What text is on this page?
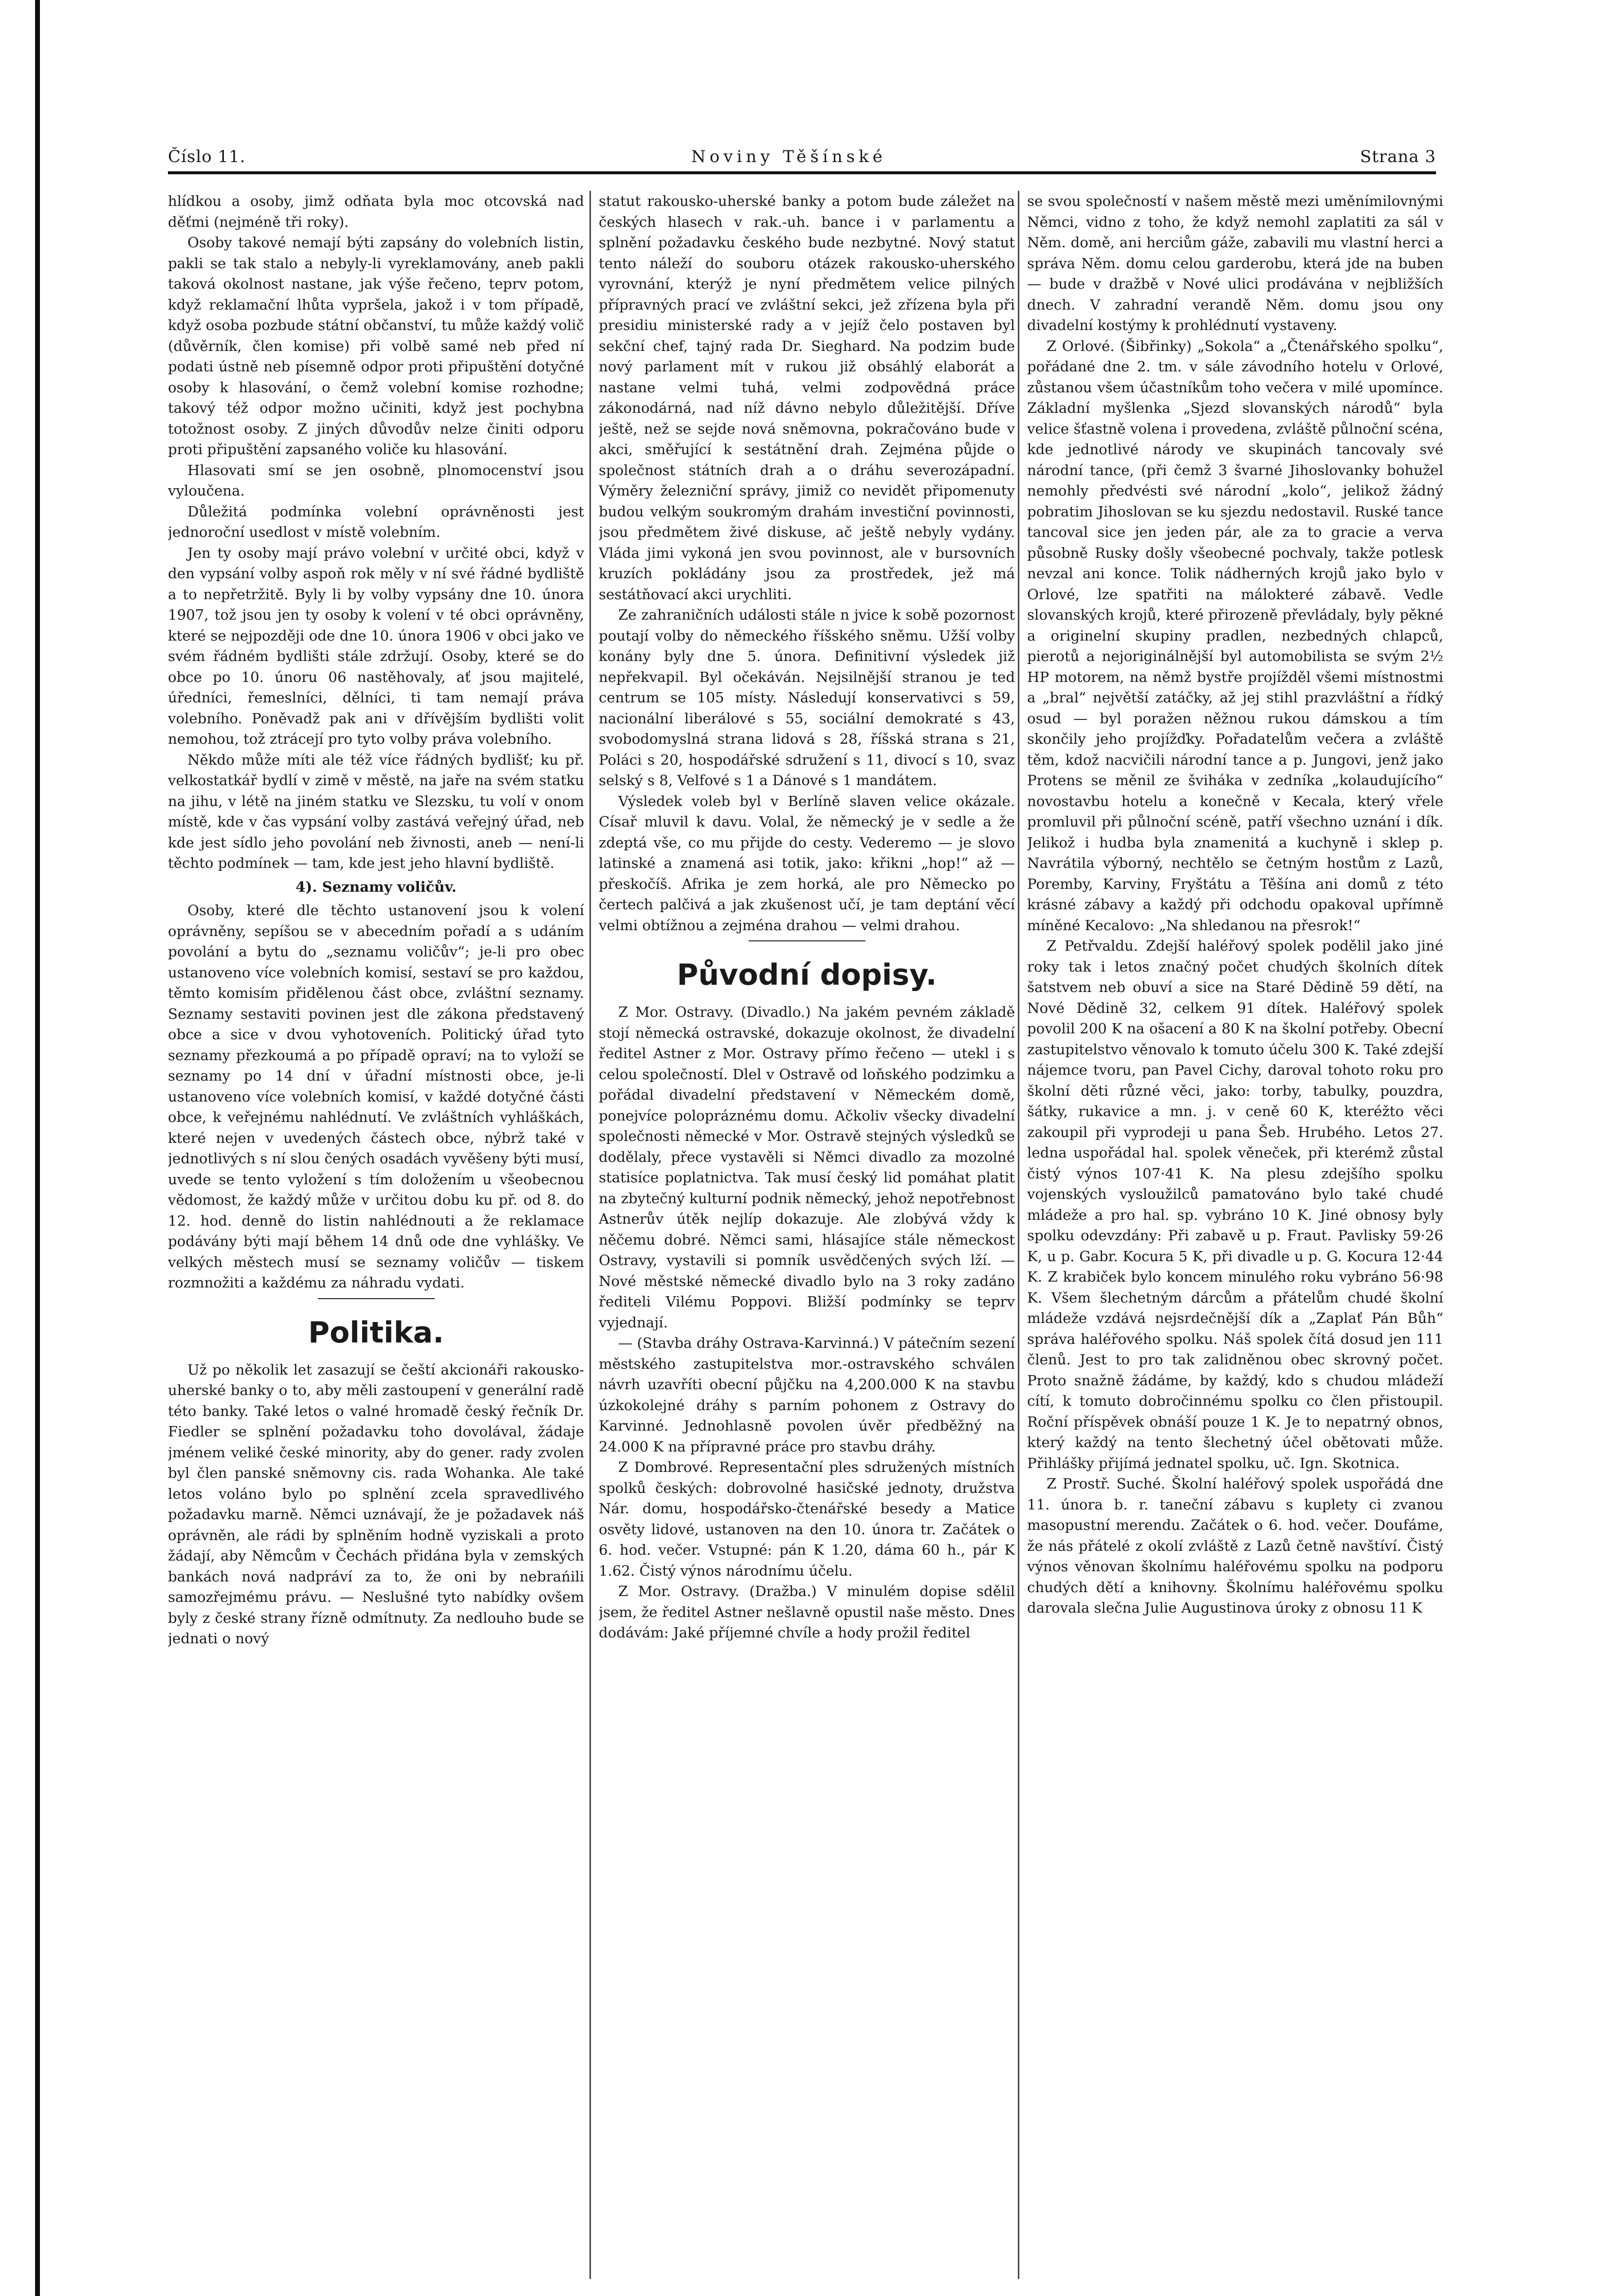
Číslo 11.	Noviny Těšínské	Strana 3

hlídkou a osoby, jimž odňata byla moc otcovská nad děťmi (nejméně tři roky).

Osoby takové nemají býti zapsány do volebních listin, pakli se tak stalo a nebyly-li vyreklamovány, aneb pakli taková okolnost nastane, jak výše řečeno, teprv potom, když reklamační lhůta vypršela, jakož i v tom případě, když osoba pozbude státní občanství, tu může každý volič (důvěrník, člen komise) při volbě samé neb před ní podati ústně neb písemně odpor proti připuštění dotyčné osoby k hlasování, o čemž volební komise rozhodne; takový též odpor možno učiniti, když jest pochybna totožnost osoby. Z jiných důvodův nelze činiti odporu proti připuštění zapsaného voliče ku hlasování.

Hlasovati smí se jen osobně, plnomocenství jsou vyloučena.

Důležitá podmínka volební oprávněnosti jest jednoroční usedlost v místě volebním.

Jen ty osoby mají právo volební v určité obci, když v den vypsání volby aspoň rok měly v ní své řádné bydliště a to nepřetržitě. Byly li by volby vypsány dne 10. února 1907, tož jsou jen ty osoby k volení v té obci oprávněny, které se nejpozději ode dne 10. února 1906 v obci jako ve svém řádném bydlišti stále zdržují. Osoby, které se do obce po 10. únoru 06 nastěhovaly, ať jsou majitelé, úředníci, řemeslníci, dělníci, ti tam nemají práva volebního. Poněvadž pak ani v dřívějším bydlišti volit nemohou, tož ztrácejí pro tyto volby práva volebního.

Někdo může míti ale též více řádných bydlišť; ku př. velkostatkář bydlí v zimě v městě, na jaře na svém statku na jihu, v létě na jiném statku ve Slezsku, tu volí v onom místě, kde v čas vypsání volby zastává veřejný úřad, neb kde jest sídlo jeho povolání neb živnosti, aneb — není-li těchto podmínek — tam, kde jest jeho hlavní bydliště.

4). Seznamy voličův.

Osoby, které dle těchto ustanovení jsou k volení oprávněny, sepíšou se v abecedním pořadí a s udáním povolání a bytu do „seznamu voličův“; je-li pro obec ustanoveno více volebních komisí, sestaví se pro každou, těmto komisím přidělenou část obce, zvláštní seznamy. Seznamy sestaviti povinen jest dle zákona představený obce a sice v dvou vyhotoveních. Politický úřad tyto seznamy přezkoumá a po případě opraví; na to vyloží se seznamy po 14 dní v úřadní místnosti obce, je-li ustanoveno více volebních komisí, v každé dotyčné části obce, k veřejnému nahlédnutí. Ve zvláštních vyhláškách, které nejen v uvedených částech obce, nýbrž také v jednotlivých s ní slou čených osadách vyvěšeny býti musí, uvede se tento vyložení s tím doložením u všeobecnou vědomost, že každý může v určitou dobu ku př. od 8. do 12. hod. denně do listin nahlédnouti a že reklamace podávány býti mají během 14 dnů ode dne vyhlášky. Ve velkých městech musí se seznamy voličův — tiskem rozmnožiti a každému za náhradu vydati.

Politika.

Už po několik let zasazují se čeští akcionáři rakousko-uherské banky o to, aby měli zastoupení v generální radě této banky. Také letos o valné hromadě český řečník Dr. Fiedler se splnění požadavku toho dovolával, žádaje jménem veliké české minority, aby do gener. rady zvolen byl člen panské sněmovny cis. rada Wohanka. Ale také letos voláno bylo po splnění zcela spravedlivého požadavku marně. Němci uznávají, že je požadavek náš oprávněn, ale rádi by splněním hodně vyziskali a proto žádají, aby Němcům v Čechách přidána byla v zemských bankách nová nadpráví za to, že oni by nebrańili samozřejmému právu. — Neslušné tyto nabídky ovšem byly z české strany řízně odmítnuty. Za nedlouho bude se jednati o nový

statut rakousko-uherské banky a potom bude záležet na českých hlasech v rak.-uh. bance i v parlamentu a splnění požadavku českého bude nezbytné. Nový statut tento náleží do souboru otázek rakousko-uherského vyrovnání, kterýž je nyní předmětem velice pilných přípravných prací ve zvláštní sekci, jež zřízena byla při presidiu ministerské rady a v jejíž čelo postaven byl sekční chef, tajný rada Dr. Sieghard. Na podzim bude nový parlament mít v rukou již obsáhlý elaborát a nastane velmi tuhá, velmi zodpovědná práce zákonodárná, nad níž dávno nebylo důležitější. Dříve ještě, než se sejde nová sněmovna, pokračováno bude v akci, směřující k sestátnění drah. Zejména půjde o společnost státních drah a o dráhu severozápadní. Výměry železniční správy, jimiž co nevidět připomenuty budou velkým soukromým drahám investiční povinnosti, jsou předmětem živé diskuse, ač ještě nebyly vydány. Vláda jimi vykoná jen svou povinnost, ale v bursovních kruzích pokládány jsou za prostředek, jež má sestátňovací akci urychliti.

Ze zahraničních události stále n jvice k sobě pozornost poutají volby do německého říšského sněmu. Užší volby konány byly dne 5. února. Definitivní výsledek již nepřekvapil. Byl očekáván. Nejsilnější stranou je teď centrum se 105 místy. Následují konservativci s 59, nacionální liberálové s 55, sociální demokraté s 43, svobodomyslná strana lidová s 28, říšská strana s 21, Poláci s 20, hospodářské sdružení s 11, divocí s 10, svaz selský s 8, Velfové s 1 a Dánové s 1 mandátem.

Výsledek voleb byl v Berlíně slaven velice okázale. Císař mluvil k davu. Volal, že německý je v sedle a že zdeptá vše, co mu přijde do cesty. Vederemo — je slovo latinské a znamená asi totik, jako: křikni „hop!“ až — přeskočíš. Afrika je zem horká, ale pro Německo po čertech palčivá a jak zkušenost učí, je tam deptání věcí velmi obtížnou a zejména drahou — velmi drahou.

Původní dopisy.

Z Mor. Ostravy. (Divadlo.) Na jakém pevném základě stojí německá ostravské, dokazuje okolnost, že divadelní ředitel Astner z Mor. Ostravy přímo řečeno — utekl i s celou společností. Dlel v Ostravě od loňského podzimku a pořádal divadelní představení v Německém domě, ponejvíce polopráznému domu. Ačkoliv všecky divadelní společnosti německé v Mor. Ostravě stejných výsledků se dodělaly, přece vystavěli si Němci divadlo za mozolné statisíce poplatnictva. Tak musí český lid pomáhat platit na zbytečný kulturní podnik německý, jehož nepotřebnost Astnerův útěk nejlíp dokazuje. Ale zlobývá vždy k něčemu dobré. Němci sami, hlásajíce stále německost Ostravy, vystavili si pomník usvědčených svých lží. — Nové městské německé divadlo bylo na 3 roky zadáno řediteli Vilému Poppovi. Bližší podmínky se teprv vyjednají.

— (Stavba dráhy Ostrava-Karvinná.) V pátečním sezení městského zastupitelstva mor.-ostravského schválen návrh uzavříti obecní půjčku na 4,200.000 K na stavbu úzkokolejné dráhy s parním pohonem z Ostravy do Karvinné. Jednohlasně povolen úvěr předběžný na 24.000 K na přípravné práce pro stavbu dráhy.

Z Dombrové. Representační ples sdružených místních spolků českých: dobrovolné hasičské jednoty, družstva Nár. domu, hospodářsko-čtenářské besedy a Matice osvěty lidové, ustanoven na den 10. února tr. Začátek o 6. hod. večer. Vstupné: pán K 1.20, dáma 60 h., pár K 1.62. Čistý výnos národnímu účelu.

Z Mor. Ostravy. (Dražba.) V minulém dopise sdělil jsem, že ředitel Astner nešlavně opustil naše město. Dnes dodávám: Jaké příjemné chvíle a hody prožil ředitel

se svou společností v našem městě mezi uměnímilovnými Němci, vidno z toho, že když nemohl zaplatiti za sál v Něm. domě, ani herciům gáže, zabavili mu vlastní herci a správa Něm. domu celou garderobu, která jde na buben — bude v dražbě v Nové ulici prodávána v nejbližších dnech. V zahradní verandě Něm. domu jsou ony divadelní kostýmy k prohlédnutí vystaveny.

Z Orlové. (Šibřinky) „Sokola“ a „Čtenářského spolku“, pořádané dne 2. tm. v sále závodního hotelu v Orlové, zůstanou všem účastníkům toho večera v milé upomínce. Základní myšlenka „Sjezd slovanských národů“ byla velice šťastně volena i provedena, zvláště půlnoční scéna, kde jednotlivé národy ve skupinách tancovaly své národní tance, (při čemž 3 švarné Jihoslovanky bohužel nemohly předvésti své národní „kolo“, jelikož žádný pobratim Jihoslovan se ku sjezdu nedostavil. Ruské tance tancoval sice jen jeden pár, ale za to gracie a verva působně Rusky došly všeobecné pochvaly, takže potlesk nevzal ani konce. Tolik nádherných krojů jako bylo v Orlové, lze spatřiti na málokteré zábavě. Vedle slovanských krojů, které přirozeně převládaly, byly pěkné a originelní skupiny pradlen, nezbedných chlapců, pierotů a nejoriginálnější byl automobilista se svým 2½ HP motorem, na němž bystře projížděl všemi místnostmi a „bral“ největší zatáčky, až jej stihl prazvláštní a řídký osud — byl poražen něžnou rukou dámskou a tím skončily jeho projížďky. Pořadatelům večera a zvláště těm, kdož nacvičili národní tance a p. Jungovi, jenž jako Protens se měnil ze šviháka v zedníka „kolaudujícího“ novostavbu hotelu a konečně v Kecala, který vřele promluvil při půlnoční scéně, patří všechno uznání i dík. Jelikož i hudba byla znamenitá a kuchyně i sklep p. Navrátila výborný, nechtělo se četným hostům z Lazů, Poremby, Karviny, Fryštátu a Těšína ani domů z této krásné zábavy a každý při odchodu opakoval upřímně míněné Kecalovo: „Na shledanou na přesrok!“

Z Petřvaldu. Zdejší haléřový spolek podělil jako jiné roky tak i letos značný počet chudých školních dítek šatstvem neb obuví a sice na Staré Dědině 59 dětí, na Nové Dědině 32, celkem 91 dítek. Haléřový spolek povolil 200 K na ošacení a 80 K na školní potřeby. Obecní zastupitelstvo věnovalo k tomuto účelu 300 K. Také zdejší nájemce tvoru, pan Pavel Cichy, daroval tohoto roku pro školní děti různé věci, jako: torby, tabulky, pouzdra, šátky, rukavice a mn. j. v ceně 60 K, kteréžto věci zakoupil při vyprodeji u pana Šeb. Hrubého. Letos 27. ledna uspořádal hal. spolek věneček, při kterémž zůstal čistý výnos 107·41 K. Na plesu zdejšího spolku vojenských vysloužilců pamatováno bylo také chudé mládeže a pro hal. sp. vybráno 10 K. Jiné obnosy byly spolku odevzdány: Při zabavě u p. Fraut. Pavlisky 59·26 K, u p. Gabr. Kocura 5 K, při divadle u p. G. Kocura 12·44 K. Z krabiček bylo koncem minulého roku vybráno 56·98 K. Všem šlechetným dárcům a přátelům chudé školní mládeže vzdává nejsrdečnější dík a „Zaplať Pán Bůh“ správa haléřového spolku. Náš spolek čítá dosud jen 111 členů. Jest to pro tak zalidněnou obec skrovný počet. Proto snažně žádáme, by každý, kdo s chudou mládeží cítí, k tomuto dobročinnému spolku co člen přistoupil. Roční příspěvek obnáší pouze 1 K. Je to nepatrný obnos, který každý na tento šlechetný účel obětovati může. Přihlášky přijímá jednatel spolku, uč. Ign. Skotnica.

Z Prostř. Suché. Školní haléřový spolek uspořádá dne 11. února b. r. taneční zábavu s kuplety ci zvanou masopustní merendu. Začátek o 6. hod. večer. Doufáme, že nás přátelé z okolí zvláště z Lazů četně navštíví. Čistý výnos věnovan školnímu haléřovému spolku na podporu chudých dětí a knihovny. Školnímu haléřovému spolku darovala slečna Julie Augustinova úroky z obnosu 11 K
